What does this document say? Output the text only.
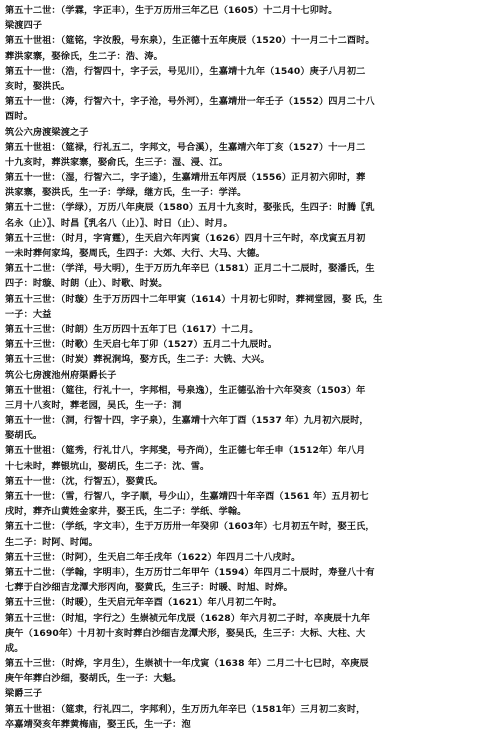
第五十二世：（学霖，字正丰），生于万历卅三年乙巳（1605）十二月十七卯时。
梁渡四子
第五十世祖：（筵铭，字汝殷，号东泉），生正德十五年庚辰（1520）十一月二十二酉时。
葬洪家寨，娶徐氏，生二子：浩、涛。
第五十一世：（浩，行智四十，字子云，号见川），生嘉靖十九年（1540）庚子八月初二
亥时，娶洪氏。
第五十一世：（涛，行智六十，字子沧，号外河），生嘉靖卅一年壬子（1552）四月二十八
酉时。
筑公六房渡梁渡之子
第五十世祖：（筵禄，行礼五二，字邦文，号合溪），生嘉靖六年丁亥（1527）十一月二
十九亥时，葬洪家寨，娶俞氏，生三子：湿、浸、江。
第五十一世：（湿，行智六二，字子逵），生嘉靖卅五年丙辰（1556）正月初六卯时，葬
洪家寨，娶洪氏，生一子：学绿，继方氏，生一子：学洋。
第五十二世：（学绿），万历八年庚辰（1580）五月十九亥时，娶张氏，生四子：时腾〖乳
名永（止）〗、时昌〖乳名八（止）〗、时日（止）、时月。
第五十三世：（时月，字宵霆），生天启六年丙寅（1626）四月十三午时，卒戊寅五月初
一未时葬何家坞，娶周氏，生四子：大郊、大行、大马、大德。
第五十二世：（学洋，号大明），生于万历九年辛巳（1581）正月二十二辰时，娶潘氏，生
四子：时璇、时朗（止）、时歌、时炭。
第五十三世：（时璇）生于万历四十二年甲寅（1614）十月初七卯时，葬祠堂园，娶 氏，生
一子：大益
第五十三世：（时朗）生万历四十五年丁巳（1617）十二月。
第五十三世：（时歌）生天启七年丁卯（1527）五月二十九辰时。
第五十三世：（时炭）葬祝涧坞，娶方氏，生二子：大铣、大兴。
筑公七房渡池州府渠爵长子
第五十世祖：（筵往，行礼十一，字邦相，号泉逸），生正德弘治十六年癸亥（1503）年
三月十八亥时，葬老园，吴氏，生一子：洞
第五十一世：（洞，行智十四，字子泉），生嘉靖十六年丁酉（1537 年）九月初六辰时，
娶胡氏。
第五十世祖：（筵秀，行礼廿八，字邦斐，号齐尚），生正德七年壬申（1512年）年八月
十七未时，葬银坑山，娶胡氏，生二子：沈、雪。
第五十一世：（沈，行智五），娶黄氏。
第五十一世：（雪，行智八，字子顺，号少山），生嘉靖四十年辛酉（1561 年）五月初七
戌时，葬齐山黄姓金家井，娶王氏，生二子：学纸、学翰。
第五十二世：（学纸，字文丰），生于万历卅一年癸卯（1603年）七月初五午时，娶王氏，
生二子：时阿、时闻。
第五十三世：（时阿），生天启二年壬戌年（1622）年四月二十八戌时。
第五十二世：（学翰，字明丰），生万历廿二年甲午（1594）年四月二十辰时，寿登八十有
七葬于白沙细吉龙潭犬形丙向，娶黄氏，生三子：时暖、时旭、时烨。
第五十三世：（时暖），生天启元年辛酉（1621）年八月初二午时。
第五十三世：（时旭，字行之）生崇祯元年戊辰（1628）年六月初二子时，卒庚辰十九年
庚午（1690年）十月初十亥时葬白沙细吉龙潭犬形，娶吴氏，生三子：大标、大柱、大
成。
第五十三世：（时烨，字月生），生崇祯十一年戊寅（1638 年）二月二十七巳时，卒庚辰
庚午年葬白沙细，娶胡氏，生一子：大魁。
梁爵三子
第五十世祖：（筵隶，行礼四二，字邦利），生万历九年辛巳（1581年）三月初二亥时，
卒嘉靖癸亥年葬黄梅庙，娶王氏，生一子：泡
